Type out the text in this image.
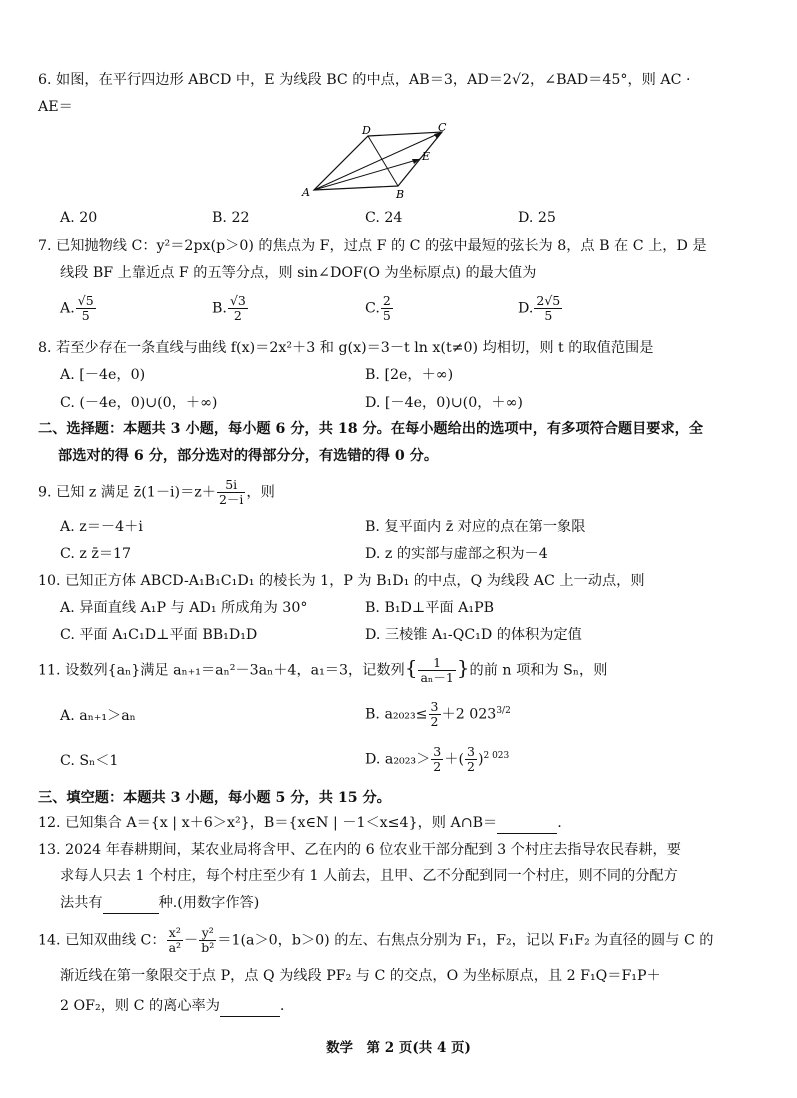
6. 如图，在平行四边形 ABCD 中，E 为线段 BC 的中点，AB＝3，AD＝2√2，∠BAD＝45°，则 AC ·
AE＝
A	B
C
D
E
A. 20	B. 22	C. 24	D. 25
7. 已知抛物线 C：y²＝2px(p＞0) 的焦点为 F，过点 F 的 C 的弦中最短的弦长为 8，点 B 在 C 上，D 是
线段 BF 上靠近点 F 的五等分点，则 sin∠DOF(O 为坐标原点) 的最大值为
A. $\frac{√5}{5}$	B. $\frac{√3}{2}$	C. $\frac{2}{5}$	D. $\frac{2√5}{5}$
8. 若至少存在一条直线与曲线 f(x)＝2x²＋3 和 g(x)＝3－t ln x(t≠0) 均相切，则 t 的取值范围是
A. [－4e，0)	B. [2e，＋∞)
C. (－4e，0)∪(0，＋∞)	D. [－4e，0)∪(0，＋∞)
二、选择题：本题共 3 小题，每小题 6 分，共 18 分。在每小题给出的选项中，有多项符合题目要求，全
部选对的得 6 分，部分选对的得部分分，有选错的得 0 分。
9. 已知 z 满足 z̄(1－i)＝z＋ $\frac{5i}{2-i}$ ，则
A. z＝－4＋i	B. 复平面内 z̄ 对应的点在第一象限
C. z z̄＝17	D. z 的实部与虚部之积为－4
10. 已知正方体 ABCD-A₁B₁C₁D₁ 的棱长为 1，P 为 B₁D₁ 的中点，Q 为线段 AC 上一动点，则
A. 异面直线 A₁P 与 AD₁ 所成角为 30°	B. B₁D⊥平面 A₁PB
C. 平面 A₁C₁D⊥平面 BB₁D₁D	D. 三棱锥 A₁-QC₁D 的体积为定值
11. 设数列{aₙ}满足 aₙ₊₁＝aₙ²－3aₙ＋4，a₁＝3，记数列{ $\frac{1}{\text{aₙ－1}}$ }的前 n 项和为 Sₙ，则
A. aₙ₊₁＞aₙ	B. $a_{2023}\le \frac{3}{2} +2$ $023^{3/2}$
C. Sₙ＜1	D. $a_{2023}> \frac{3}{2}$ ＋( $\frac{3}{2} )^{2 023}$
三、填空题：本题共 3 小题，每小题 5 分，共 15 分。
12. 已知集合 A＝{x | x＋6＞x²}，B＝{x∈N | －1＜x≤4}，则 A∩B＝	.
13. 2024 年春耕期间，某农业局将含甲、乙在内的 6 位农业干部分配到 3 个村庄去指导农民春耕，要
求每人只去 1 个村庄，每个村庄至少有 1 人前去，且甲、乙不分配到同一个村庄，则不同的分配方
法共有	种.(用数字作答)
14. 已知双曲线 C： $\frac{\text{x²}}{\text{a²}} - \frac{\text{y²}}{\text{b²}} =1(a>0$，b＞0) 的左、右焦点分别为 F₁，F₂，记以 F₁F₂ 为直径的圆与 C 的
渐近线在第一象限交于点 P，点 Q 为线段 PF₂ 与 C 的交点，O 为坐标原点，且 2 F₁Q＝F₁P＋
2 OF₂，则 C 的离心率为	.
数学　第 2 页(共 4 页)
